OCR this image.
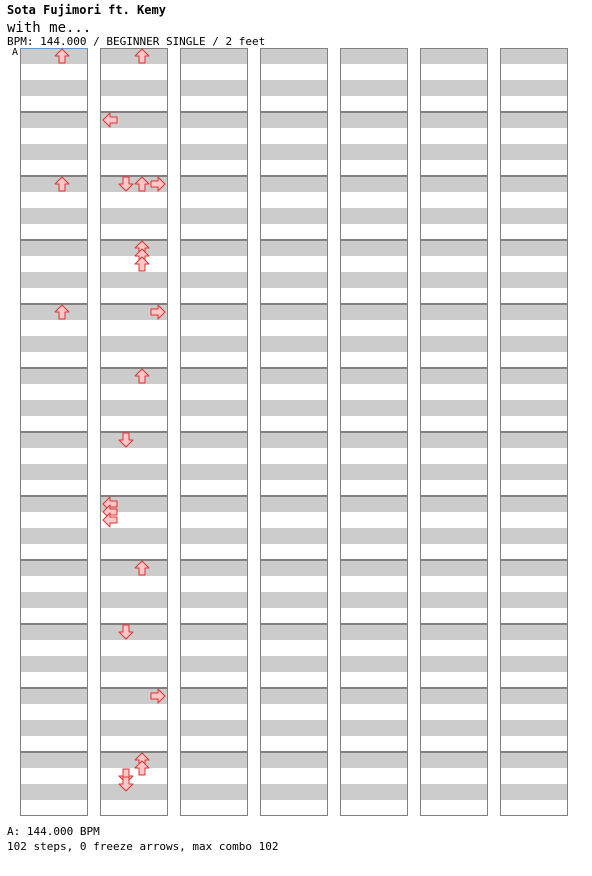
Sota Fujimori ft. Kemy
with me...
BPM: 144.000 / BEGINNER SINGLE / 2 feet
A
A: 144.000 BPM
102 steps, 0 freeze arrows, max combo 102
